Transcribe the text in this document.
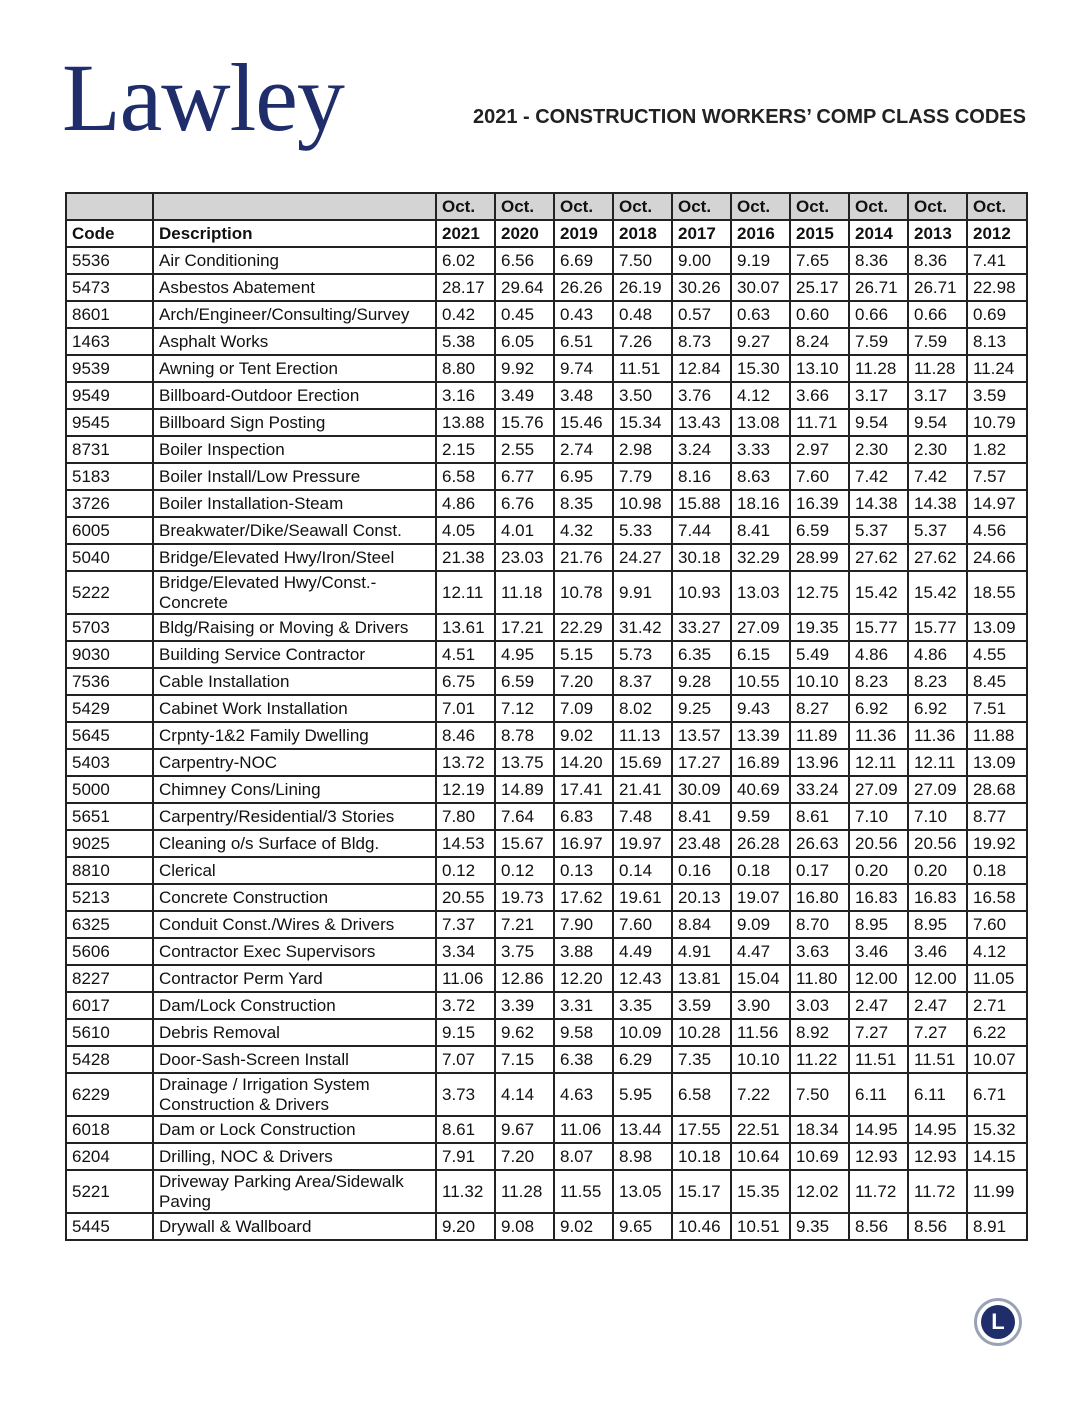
Lawley	2021 - CONSTRUCTION WORKERS’ COMP CLASS CODES
		Oct.	Oct.	Oct.	Oct.	Oct.	Oct.	Oct.	Oct.	Oct.	Oct.
Code	Description	2021	2020	2019	2018	2017	2016	2015	2014	2013	2012
5536	Air Conditioning	6.02	6.56	6.69	7.50	9.00	9.19	7.65	8.36	8.36	7.41
5473	Asbestos Abatement	28.17	29.64	26.26	26.19	30.26	30.07	25.17	26.71	26.71	22.98
8601	Arch/Engineer/Consulting/Survey	0.42	0.45	0.43	0.48	0.57	0.63	0.60	0.66	0.66	0.69
1463	Asphalt Works	5.38	6.05	6.51	7.26	8.73	9.27	8.24	7.59	7.59	8.13
9539	Awning or Tent Erection	8.80	9.92	9.74	11.51	12.84	15.30	13.10	11.28	11.28	11.24
9549	Billboard-Outdoor Erection	3.16	3.49	3.48	3.50	3.76	4.12	3.66	3.17	3.17	3.59
9545	Billboard Sign Posting	13.88	15.76	15.46	15.34	13.43	13.08	11.71	9.54	9.54	10.79
8731	Boiler Inspection	2.15	2.55	2.74	2.98	3.24	3.33	2.97	2.30	2.30	1.82
5183	Boiler Install/Low Pressure	6.58	6.77	6.95	7.79	8.16	8.63	7.60	7.42	7.42	7.57
3726	Boiler Installation-Steam	4.86	6.76	8.35	10.98	15.88	18.16	16.39	14.38	14.38	14.97
6005	Breakwater/Dike/Seawall Const.	4.05	4.01	4.32	5.33	7.44	8.41	6.59	5.37	5.37	4.56
5040	Bridge/Elevated Hwy/Iron/Steel	21.38	23.03	21.76	24.27	30.18	32.29	28.99	27.62	27.62	24.66
5222	Bridge/Elevated Hwy/Const.-Concrete	12.11	11.18	10.78	9.91	10.93	13.03	12.75	15.42	15.42	18.55
5703	Bldg/Raising or Moving & Drivers	13.61	17.21	22.29	31.42	33.27	27.09	19.35	15.77	15.77	13.09
9030	Building Service Contractor	4.51	4.95	5.15	5.73	6.35	6.15	5.49	4.86	4.86	4.55
7536	Cable Installation	6.75	6.59	7.20	8.37	9.28	10.55	10.10	8.23	8.23	8.45
5429	Cabinet Work Installation	7.01	7.12	7.09	8.02	9.25	9.43	8.27	6.92	6.92	7.51
5645	Crpnty-1&2 Family Dwelling	8.46	8.78	9.02	11.13	13.57	13.39	11.89	11.36	11.36	11.88
5403	Carpentry-NOC	13.72	13.75	14.20	15.69	17.27	16.89	13.96	12.11	12.11	13.09
5000	Chimney Cons/Lining	12.19	14.89	17.41	21.41	30.09	40.69	33.24	27.09	27.09	28.68
5651	Carpentry/Residential/3 Stories	7.80	7.64	6.83	7.48	8.41	9.59	8.61	7.10	7.10	8.77
9025	Cleaning o/s Surface of Bldg.	14.53	15.67	16.97	19.97	23.48	26.28	26.63	20.56	20.56	19.92
8810	Clerical	0.12	0.12	0.13	0.14	0.16	0.18	0.17	0.20	0.20	0.18
5213	Concrete Construction	20.55	19.73	17.62	19.61	20.13	19.07	16.80	16.83	16.83	16.58
6325	Conduit Const./Wires & Drivers	7.37	7.21	7.90	7.60	8.84	9.09	8.70	8.95	8.95	7.60
5606	Contractor Exec Supervisors	3.34	3.75	3.88	4.49	4.91	4.47	3.63	3.46	3.46	4.12
8227	Contractor Perm Yard	11.06	12.86	12.20	12.43	13.81	15.04	11.80	12.00	12.00	11.05
6017	Dam/Lock Construction	3.72	3.39	3.31	3.35	3.59	3.90	3.03	2.47	2.47	2.71
5610	Debris Removal	9.15	9.62	9.58	10.09	10.28	11.56	8.92	7.27	7.27	6.22
5428	Door-Sash-Screen Install	7.07	7.15	6.38	6.29	7.35	10.10	11.22	11.51	11.51	10.07
6229	Drainage / Irrigation System Construction & Drivers	3.73	4.14	4.63	5.95	6.58	7.22	7.50	6.11	6.11	6.71
6018	Dam or Lock Construction	8.61	9.67	11.06	13.44	17.55	22.51	18.34	14.95	14.95	15.32
6204	Drilling, NOC & Drivers	7.91	7.20	8.07	8.98	10.18	10.64	10.69	12.93	12.93	14.15
5221	Driveway Parking Area/Sidewalk Paving	11.32	11.28	11.55	13.05	15.17	15.35	12.02	11.72	11.72	11.99
5445	Drywall & Wallboard	9.20	9.08	9.02	9.65	10.46	10.51	9.35	8.56	8.56	8.91
L
